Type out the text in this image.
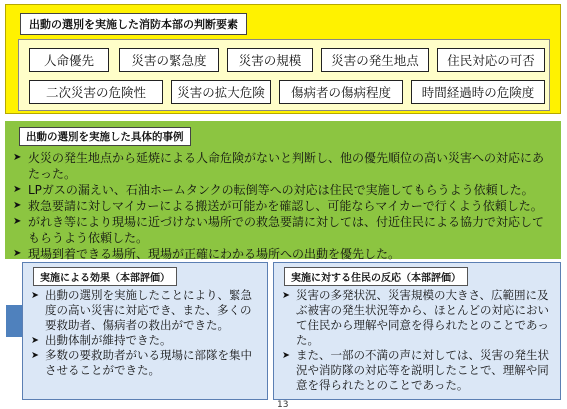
出動の選別を実施した消防本部の判断要素
人命優先	災害の緊急度	災害の規模	災害の発生地点	住民対応の可否
二次災害の危険性	災害の拡大危険	傷病者の傷病程度	時間経過時の危険度
出動の選別を実施した具体的事例
➤ 火災の発生地点から延焼による人命危険がないと判断し、他の優先順位の高い災害への対応にあたった。
➤ LPガスの漏えい、石油ホームタンクの転倒等への対応は住民で実施してもらうよう依頼した。
➤ 救急要請に対しマイカーによる搬送が可能かを確認し、可能ならマイカーで行くよう依頼した。
➤ がれき等により現場に近づけない場所での救急要請に対しては、付近住民による協力で対応してもらうよう依頼した。
➤ 現場到着できる場所、現場が正確にわかる場所への出動を優先した。
実施による効果（本部評価）
➤ 出動の選別を実施したことにより、緊急度の高い災害に対応でき、また、多くの要救助者、傷病者の救出ができた。
➤ 出動体制が維持できた。
➤ 多数の要救助者がいる現場に部隊を集中させることができた。
実施に対する住民の反応（本部評価）
➤ 災害の多発状況、災害規模の大きさ、広範囲に及ぶ被害の発生状況等から、ほとんどの対応において住民から理解や同意を得られたとのことであった。
➤ また、一部の不満の声に対しては、災害の発生状況や消防隊の対応等を説明したことで、理解や同意を得られたとのことであった。
13
